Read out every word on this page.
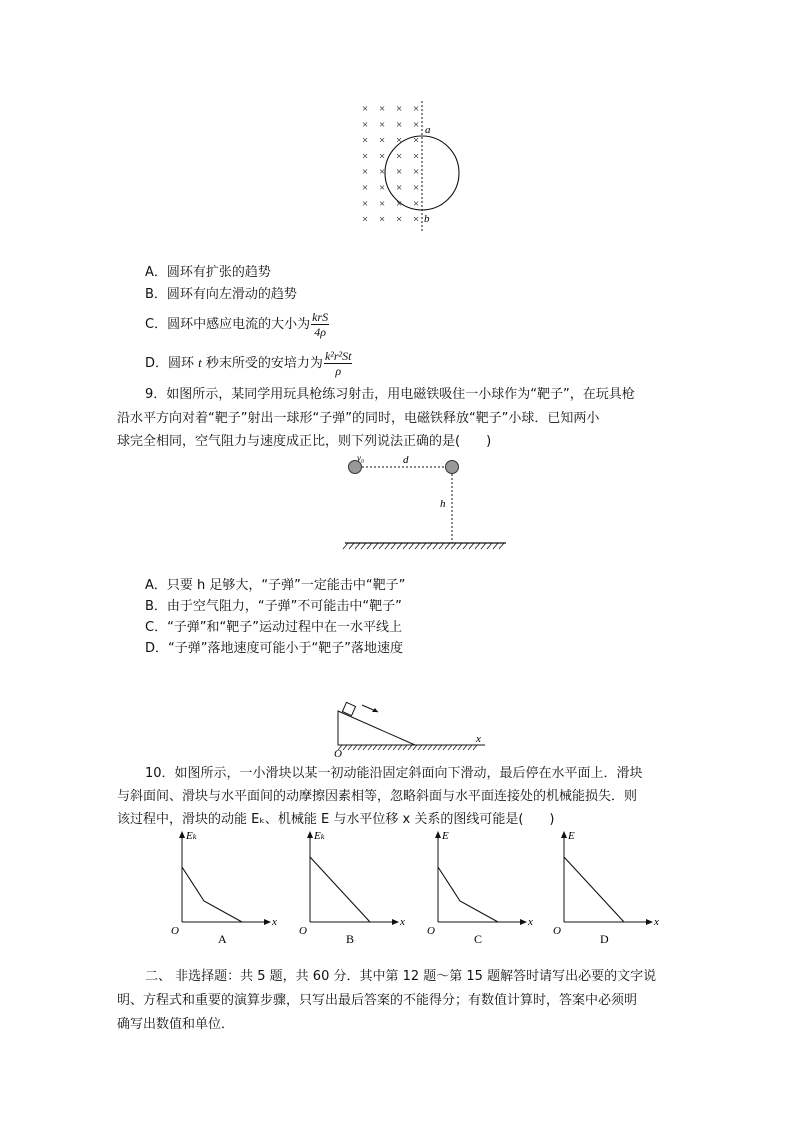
× × × ×
× × × ×
× × × ×
× × × ×
× × × ×
× × × ×
× × × ×
× × × ×
a
b
A．圆环有扩张的趋势
B．圆环有向左滑动的趋势
C．圆环中感应电流的大小为 $\frac{\text{krS}}{4\rho}$
D．圆环 t 秒末所受的安培力为 $\frac{\text{k²r²St}}{\rho}$
9．如图所示，某同学用玩具枪练习射击，用电磁铁吸住一小球作为“靶子”，在玩具枪
沿水平方向对着“靶子”射出一球形“子弹”的同时，电磁铁释放“靶子”小球．已知两小
球完全相同，空气阻力与速度成正比，则下列说法正确的是(　　)
v₀	d
h
A．只要 h 足够大，“子弹”一定能击中“靶子”
B．由于空气阻力，“子弹”不可能击中“靶子”
C．“子弹”和“靶子”运动过程中在一水平线上
D．“子弹”落地速度可能小于“靶子”落地速度
O
x
10．如图所示，一小滑块以某一初动能沿固定斜面向下滑动，最后停在水平面上．滑块
与斜面间、滑块与水平面间的动摩擦因素相等，忽略斜面与水平面连接处的机械能损失．则
该过程中，滑块的动能 Eₖ、机械能 E 与水平位移 x 关系的图线可能是(　　)
Eₖ
x
O
A
Eₖ
x
O
B
E
x
O
C
E
x
O
D
二、 非选择题：共 5 题，共 60 分．其中第 12 题～第 15 题解答时请写出必要的文字说
明、方程式和重要的演算步骤，只写出最后答案的不能得分；有数值计算时，答案中必须明
确写出数值和单位．
